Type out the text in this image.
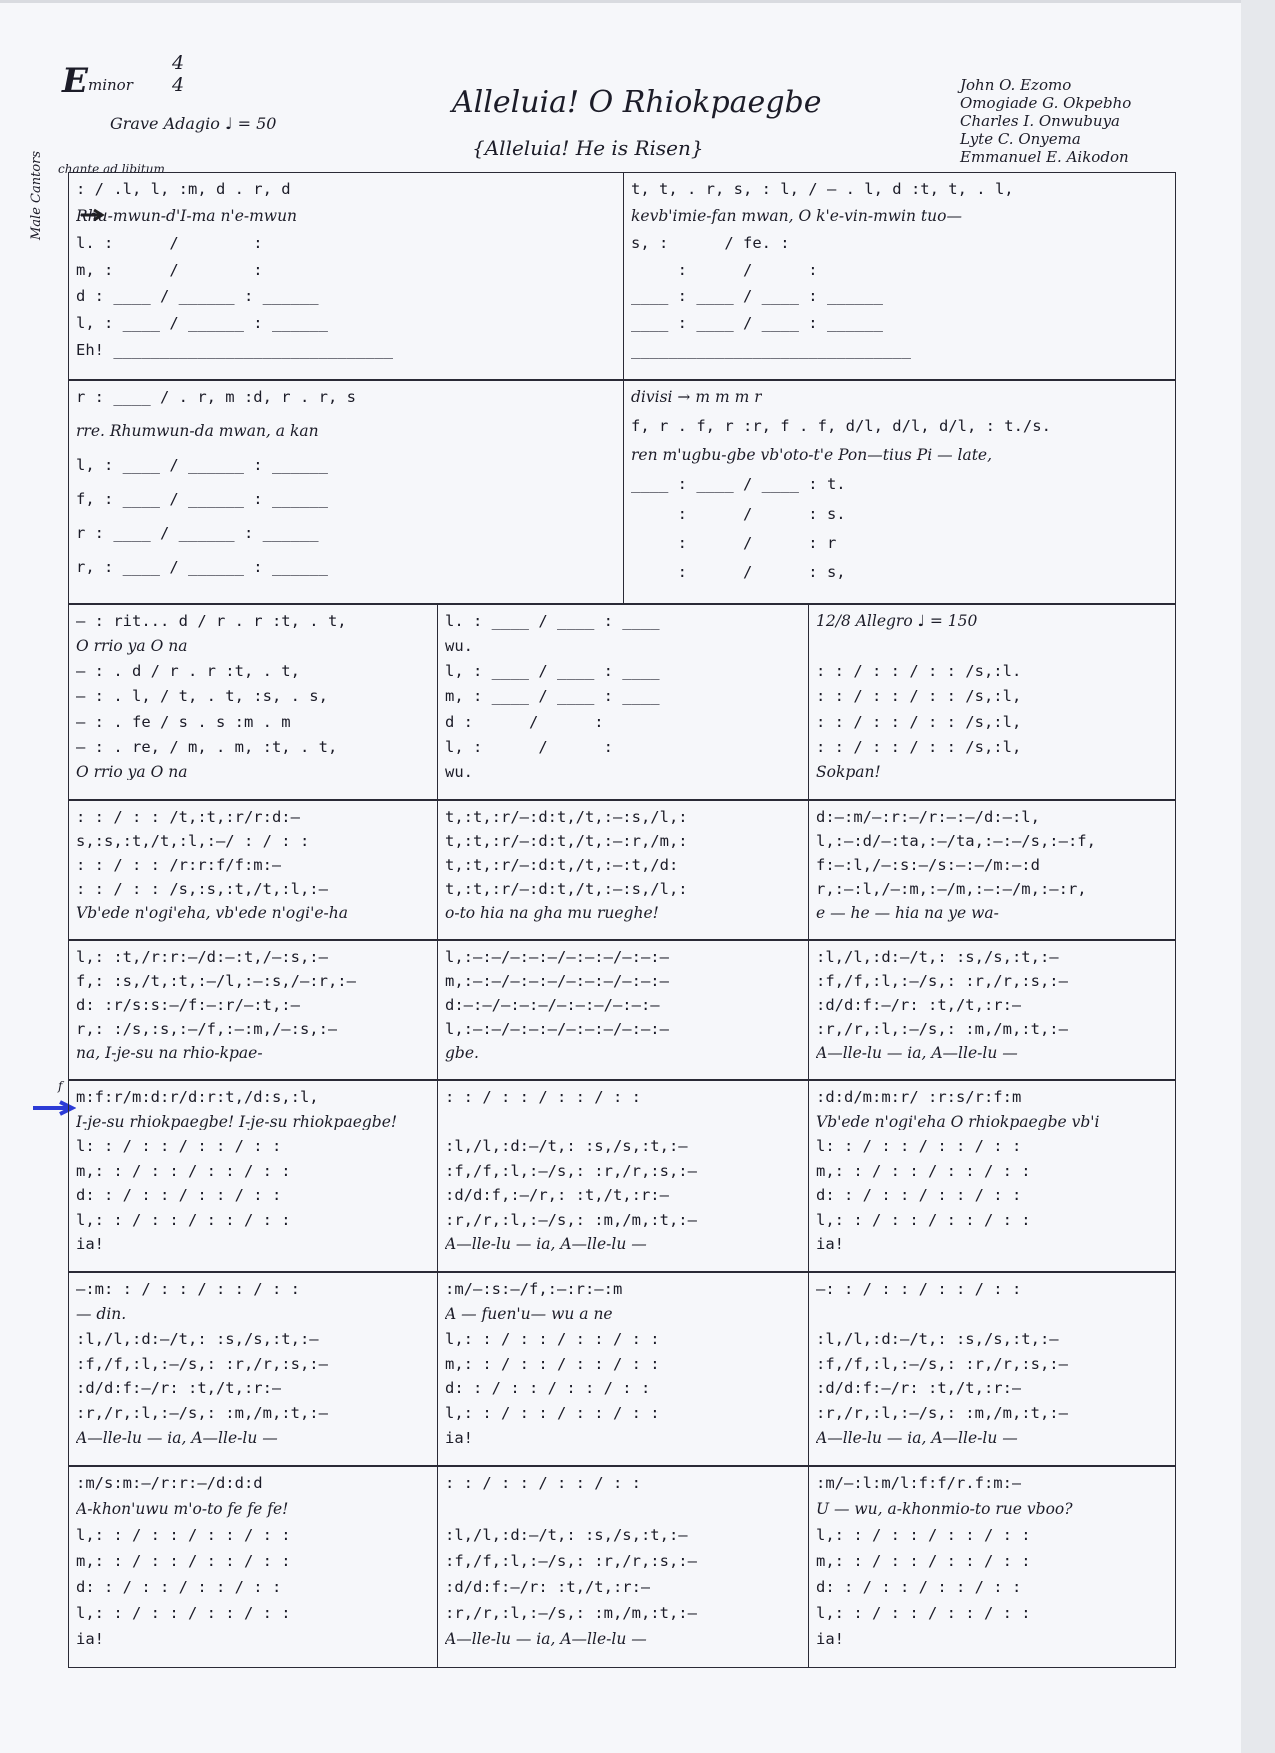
E minor
4
4
Grave Adagio ♩ = 50
chante ad libitum
Alleluia! O Rhiokpaegbe
{Alleluia! He is Risen}
John O. Ezomo
Omogiade G. Okpebho
Charles I. Onwubuya
Lyte C. Onyema
Emmanuel E. Aikodon
Male Cantors
f
: / .l, l, :m, d . r, d
Rhu-mwun-d'I-ma n'e-mwun
l. : ____ / ______ : ______
m, : ____ / ______ : ______
d : ____ / ______ : ______
l, : ____ / ______ : ______
Eh! ______________________________
t, t, . r, s, : l, / — . l, d :t, t, . l,
kevb'imie-fan mwan, O k'e-vin-mwin tuo—
s, : ____ / fe. : ______
____ : ____ / ____ : ______
____ : ____ / ____ : ______
____ : ____ / ____ : ______
______________________________
r : ____ / . r, m :d, r . r, s
rre. Rhumwun-da mwan, a kan
l, : ____ / ______ : ______
f, : ____ / ______ : ______
r : ____ / ______ : ______
r, : ____ / ______ : ______
divisi → m m m r
f, r . f, r :r, f . f, d/l, d/l, d/l, : t./s.
ren m'ugbu-gbe vb'oto-t'e Pon—tius Pi — late,
____ : ____ / ____ : t.
____ : ____ / ____ : s.
____ : ____ / ____ : r
____ : ____ / ____ : s,
— : rit... d / r . r :t, . t,
O rrio ya O na
— : . d / r . r :t, . t,
— : . l, / t, . t, :s, . s,
— : . fe / s . s :m . m
— : . re, / m, . m, :t, . t,
O rrio ya O na
l. : ____ / ____ : ____
wu.
l, : ____ / ____ : ____
m, : ____ / ____ : ____
d : ____ / ____ : ____
l, : ____ / ____ : ____
wu.
12/8 Allegro ♩ = 150
: : / : : / : : /s,:l.
: : / : : / : : /s,:l,
: : / : : / : : /s,:l,
: : / : : / : : /s,:l,
Sokpan!
: : / : : /t,:t,:r/r:d:—
s,:s,:t,/t,:l,:—/ : / : :
: : / : : /r:r:f/f:m:—
: : / : : /s,:s,:t,/t,:l,:—
Vb'ede n'ogi'eha, vb'ede n'ogi'e-ha
t,:t,:r/—:d:t,/t,:—:s,/l,:
t,:t,:r/—:d:t,/t,:—:r,/m,:
t,:t,:r/—:d:t,/t,:—:t,/d:
t,:t,:r/—:d:t,/t,:—:s,/l,:
o-to hia na gha mu rueghe!
d:—:m/—:r:—/r:—:—/d:—:l,
l,:—:d/—:ta,:—/ta,:—:—/s,:—:f,
f:—:l,/—:s:—/s:—:—/m:—:d
r,:—:l,/—:m,:—/m,:—:—/m,:—:r,
e — he — hia na ye wa-
l,: :t,/r:r:—/d:—:t,/—:s,:—
f,: :s,/t,:t,:—/l,:—:s,/—:r,:—
d: :r/s:s:—/f:—:r/—:t,:—
r,: :/s,:s,:—/f,:—:m,/—:s,:—
na, I-je-su na rhio-kpae-
l,:—:—/—:—:—/—:—:—/—:—:—
m,:—:—/—:—:—/—:—:—/—:—:—
d:—:—/—:—:—/—:—:—/—:—:—
l,:—:—/—:—:—/—:—:—/—:—:—
gbe.
:l,/l,:d:—/t,: :s,/s,:t,:—
:f,/f,:l,:—/s,: :r,/r,:s,:—
:d/d:f:—/r: :t,/t,:r:—
:r,/r,:l,:—/s,: :m,/m,:t,:—
A—lle-lu — ia, A—lle-lu —
m:f:r/m:d:r/d:r:t,/d:s,:l,
I-je-su rhiokpaegbe! I-je-su rhiokpaegbe!
l: : / : : / : : / : :
m,: : / : : / : : / : :
d: : / : : / : : / : :
l,: : / : : / : : / : :
ia!
: : / : : / : : / : :
:l,/l,:d:—/t,: :s,/s,:t,:—
:f,/f,:l,:—/s,: :r,/r,:s,:—
:d/d:f,:—/r,: :t,/t,:r:—
:r,/r,:l,:—/s,: :m,/m,:t,:—
A—lle-lu — ia, A—lle-lu —
:d:d/m:m:r/ :r:s/r:f:m
Vb'ede n'ogi'eha O rhiokpaegbe vb'i
l: : / : : / : : / : :
m,: : / : : / : : / : :
d: : / : : / : : / : :
l,: : / : : / : : / : :
ia!
—:m: : / : : / : : / : :
— din.
:l,/l,:d:—/t,: :s,/s,:t,:—
:f,/f,:l,:—/s,: :r,/r,:s,:—
:d/d:f:—/r: :t,/t,:r:—
:r,/r,:l,:—/s,: :m,/m,:t,:—
A—lle-lu — ia, A—lle-lu —
:m/—:s:—/f,:—:r:—:m
A — fuen'u— wu a ne
l,: : / : : / : : / : :
m,: : / : : / : : / : :
d: : / : : / : : / : :
l,: : / : : / : : / : :
ia!
—: : / : : / : : / : :
:l,/l,:d:—/t,: :s,/s,:t,:—
:f,/f,:l,:—/s,: :r,/r,:s,:—
:d/d:f:—/r: :t,/t,:r:—
:r,/r,:l,:—/s,: :m,/m,:t,:—
A—lle-lu — ia, A—lle-lu —
:m/s:m:—/r:r:—/d:d:d
A-khon'uwu m'o-to fe fe fe!
l,: : / : : / : : / : :
m,: : / : : / : : / : :
d: : / : : / : : / : :
l,: : / : : / : : / : :
ia!
: : / : : / : : / : :
:l,/l,:d:—/t,: :s,/s,:t,:—
:f,/f,:l,:—/s,: :r,/r,:s,:—
:d/d:f:—/r: :t,/t,:r:—
:r,/r,:l,:—/s,: :m,/m,:t,:—
A—lle-lu — ia, A—lle-lu —
:m/—:l:m/l:f:f/r.f:m:—
U — wu, a-khonmio-to rue vboo?
l,: : / : : / : : / : :
m,: : / : : / : : / : :
d: : / : : / : : / : :
l,: : / : : / : : / : :
ia!
